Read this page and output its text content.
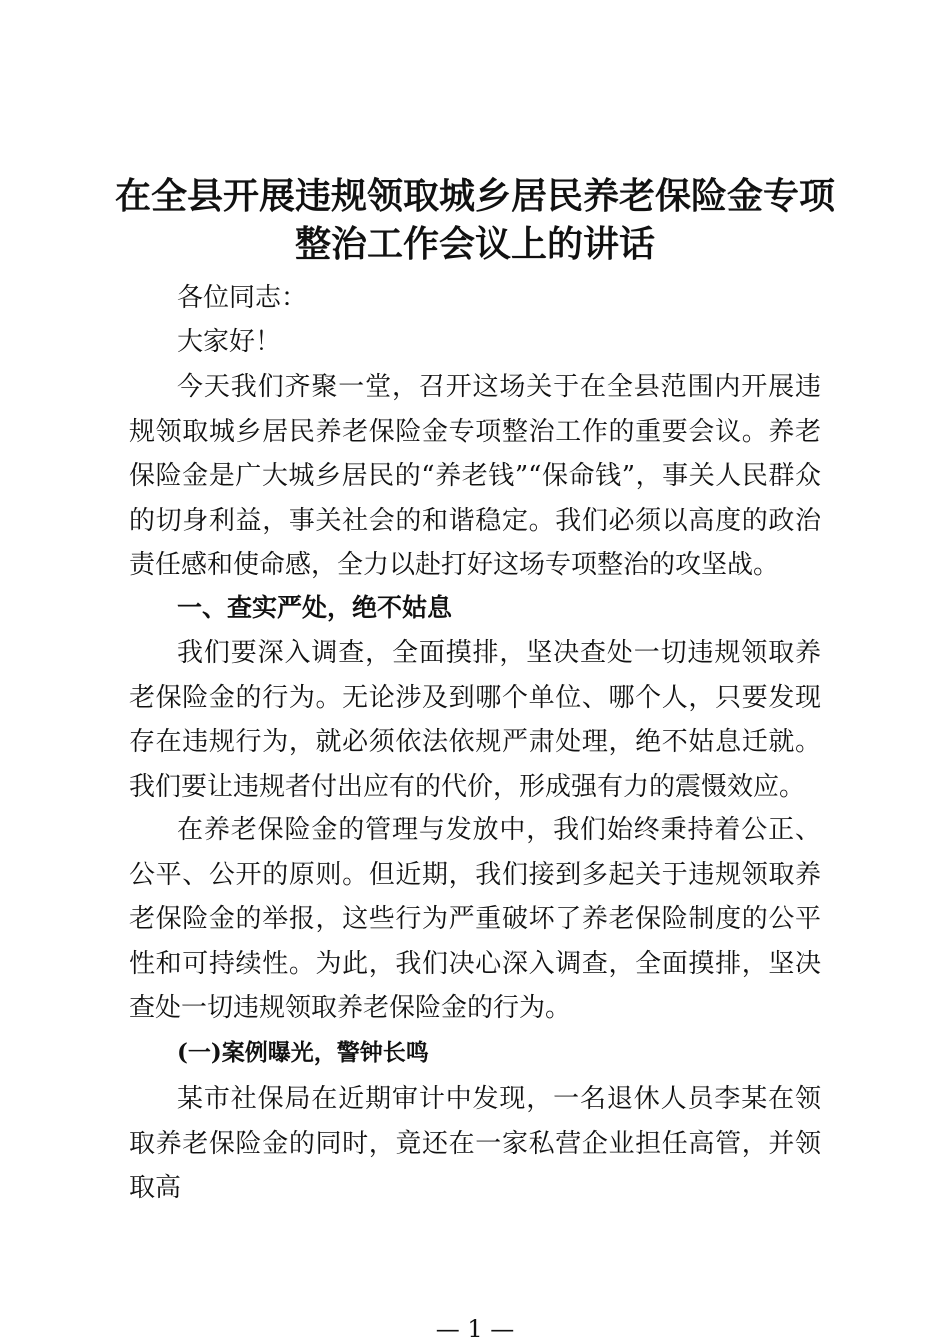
在全县开展违规领取城乡居民养老保险金专项
整治工作会议上的讲话

各位同志：

大家好！

今天我们齐聚一堂，召开这场关于在全县范围内开展违规领取城乡居民养老保险金专项整治工作的重要会议。养老保险金是广大城乡居民的“养老钱”“保命钱”，事关人民群众的切身利益，事关社会的和谐稳定。我们必须以高度的政治责任感和使命感，全力以赴打好这场专项整治的攻坚战。

一、查实严处，绝不姑息

我们要深入调查，全面摸排，坚决查处一切违规领取养老保险金的行为。无论涉及到哪个单位、哪个人，只要发现存在违规行为，就必须依法依规严肃处理，绝不姑息迁就。我们要让违规者付出应有的代价，形成强有力的震慑效应。

在养老保险金的管理与发放中，我们始终秉持着公正、公平、公开的原则。但近期，我们接到多起关于违规领取养老保险金的举报，这些行为严重破坏了养老保险制度的公平性和可持续性。为此，我们决心深入调查，全面摸排，坚决查处一切违规领取养老保险金的行为。

(一)案例曝光，警钟长鸣

某市社保局在近期审计中发现，一名退休人员李某在领取养老保险金的同时，竟还在一家私营企业担任高管，并领取高

— 1 —
